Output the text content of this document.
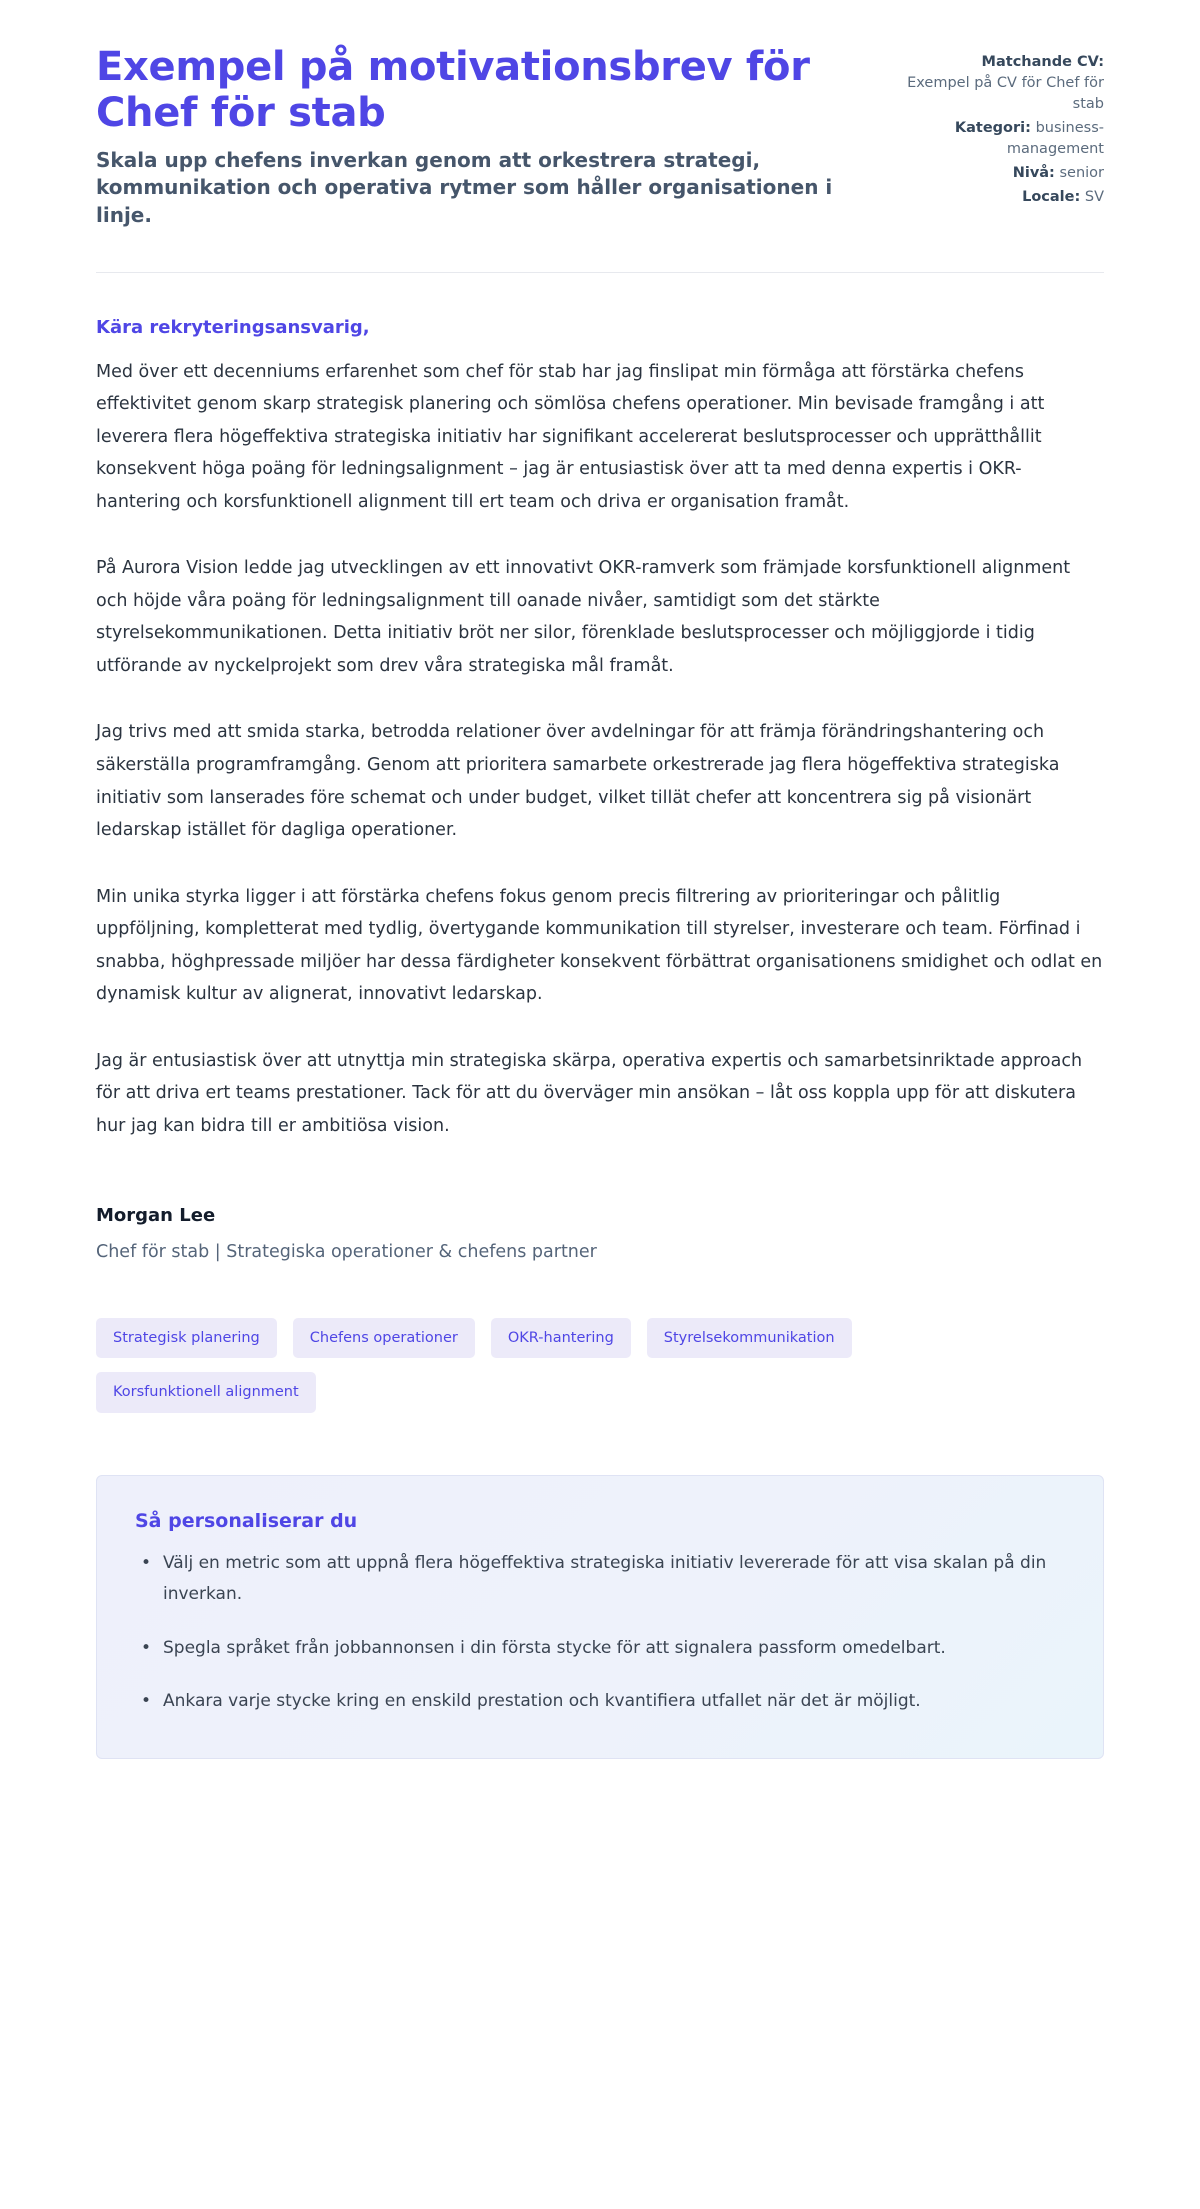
Exempel på motivationsbrev för Chef för stab

Skala upp chefens inverkan genom att orkestrera strategi, kommunikation och operativa rytmer som håller organisationen i linje.

Matchande CV:
Exempel på CV för Chef för stab
Kategori: business-management
Nivå: senior
Locale: SV

Kära rekryteringsansvarig,

Med över ett decenniums erfarenhet som chef för stab har jag finslipat min förmåga att förstärka chefens effektivitet genom skarp strategisk planering och sömlösa chefens operationer. Min bevisade framgång i att leverera flera högeffektiva strategiska initiativ har signifikant accelererat beslutsprocesser och upprätthållit konsekvent höga poäng för ledningsalignment – jag är entusiastisk över att ta med denna expertis i OKR-hantering och korsfunktionell alignment till ert team och driva er organisation framåt.

På Aurora Vision ledde jag utvecklingen av ett innovativt OKR-ramverk som främjade korsfunktionell alignment och höjde våra poäng för ledningsalignment till oanade nivåer, samtidigt som det stärkte styrelsekommunikationen. Detta initiativ bröt ner silor, förenklade beslutsprocesser och möjliggjorde i tidig utförande av nyckelprojekt som drev våra strategiska mål framåt.

Jag trivs med att smida starka, betrodda relationer över avdelningar för att främja förändringshantering och säkerställa programframgång. Genom att prioritera samarbete orkestrerade jag flera högeffektiva strategiska initiativ som lanserades före schemat och under budget, vilket tillät chefer att koncentrera sig på visionärt ledarskap istället för dagliga operationer.

Min unika styrka ligger i att förstärka chefens fokus genom precis filtrering av prioriteringar och pålitlig uppföljning, kompletterat med tydlig, övertygande kommunikation till styrelser, investerare och team. Förfinad i snabba, höghpressade miljöer har dessa färdigheter konsekvent förbättrat organisationens smidighet och odlat en dynamisk kultur av alignerat, innovativt ledarskap.

Jag är entusiastisk över att utnyttja min strategiska skärpa, operativa expertis och samarbetsinriktade approach för att driva ert teams prestationer. Tack för att du överväger min ansökan – låt oss koppla upp för att diskutera hur jag kan bidra till er ambitiösa vision.

Morgan Lee

Chef för stab | Strategiska operationer & chefens partner

Strategisk planering	Chefens operationer	OKR-hantering	Styrelsekommunikation
Korsfunktionell alignment
Så personaliserar du
• Välj en metric som att uppnå flera högeffektiva strategiska initiativ levererade för att visa skalan på din inverkan.
• Spegla språket från jobbannonsen i din första stycke för att signalera passform omedelbart.
• Ankara varje stycke kring en enskild prestation och kvantifiera utfallet när det är möjligt.
